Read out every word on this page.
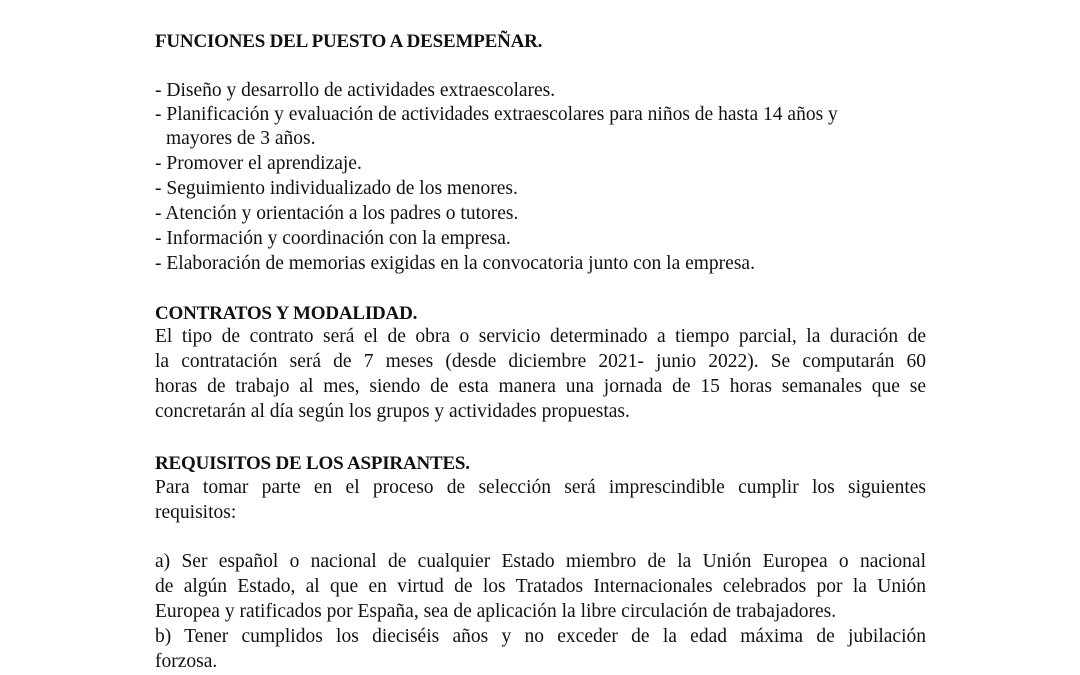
FUNCIONES DEL PUESTO A DESEMPEÑAR.
- Diseño y desarrollo de actividades extraescolares.
- Planificación y evaluación de actividades extraescolares para niños de hasta 14 años y
mayores de 3 años.
- Promover el aprendizaje.
- Seguimiento individualizado de los menores.
- Atención y orientación a los padres o tutores.
- Información y coordinación con la empresa.
- Elaboración de memorias exigidas en la convocatoria junto con la empresa.
CONTRATOS Y MODALIDAD.
El tipo de contrato será el de obra o servicio determinado a tiempo parcial, la duración de
la contratación será de 7 meses (desde diciembre 2021- junio 2022). Se computarán 60
horas de trabajo al mes, siendo de esta manera una jornada de 15 horas semanales que se
concretarán al día según los grupos y actividades propuestas.
REQUISITOS DE LOS ASPIRANTES.
Para tomar parte en el proceso de selección será imprescindible cumplir los siguientes
requisitos:
a) Ser español o nacional de cualquier Estado miembro de la Unión Europea o nacional
de algún Estado, al que en virtud de los Tratados Internacionales celebrados por la Unión
Europea y ratificados por España, sea de aplicación la libre circulación de trabajadores.
b) Tener cumplidos los dieciséis años y no exceder de la edad máxima de jubilación
forzosa.
